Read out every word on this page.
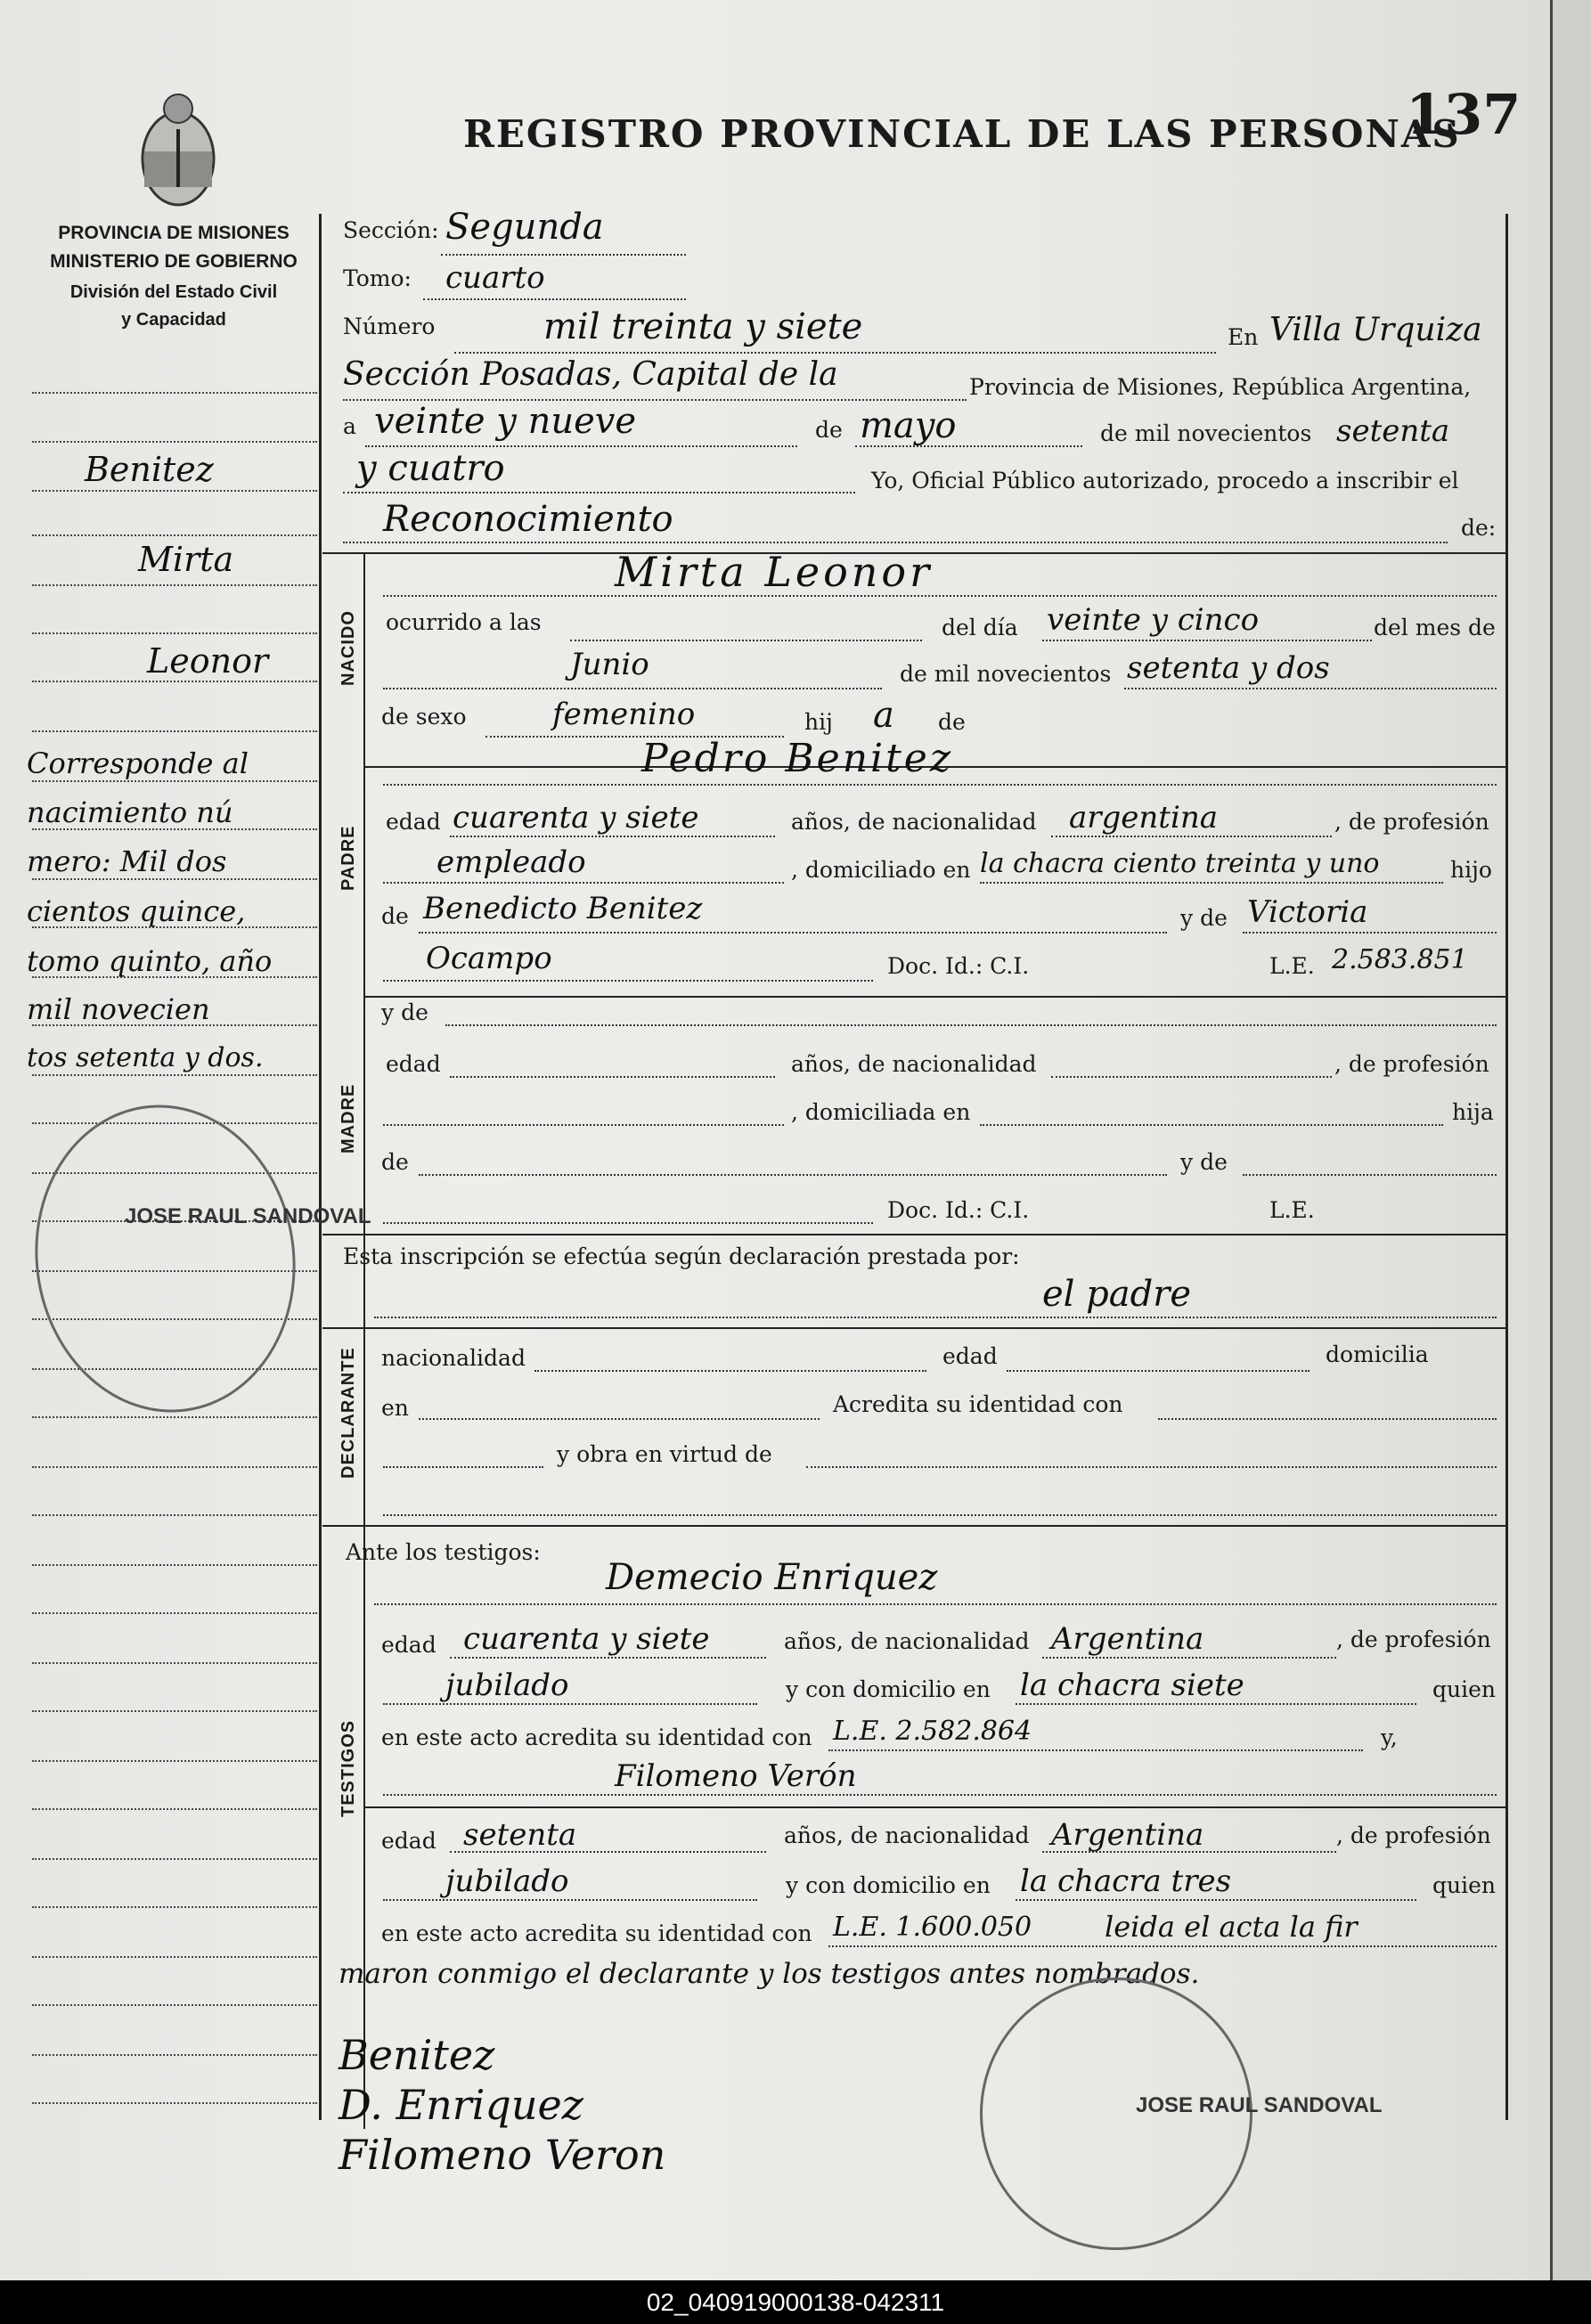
PROVINCIA DE MISIONES
MINISTERIO DE GOBIERNO
División del Estado Civil
y Capacidad
REGISTRO PROVINCIAL DE LAS PERSONAS
137
Benitez
Mirta
Leonor
Corresponde al
nacimiento nú
mero: Mil dos
cientos quince,
tomo quinto, año
mil novecien
tos setenta y dos.
Sección: Segunda
Tomo: cuarto
Número	mil treinta y siete	En Villa Urquiza
Sección Posadas, Capital de la	Provincia de Misiones, República Argentina,
a veinte y nueve	de mayo	de mil novecientos setenta
y cuatro	Yo, Oficial Público autorizado, procedo a inscribir el
Reconocimiento	de:
NACIDO
Mirta Leonor
ocurrido a las	del día veinte y cinco	del mes de
Junio	de mil novecientos setenta y dos
de sexo	femenino	hij a de
PADRE
Pedro Benitez
edad cuarenta y siete	años, de nacionalidad argentina	, de profesión
empleado	, domiciliado en la chacra ciento treinta y uno	hijo
de Benedicto Benitez	y de Victoria
Ocampo	Doc. Id.: C.I.	L.E. 2.583.851
MADRE
y de
edad	años, de nacionalidad	, de profesión
, domiciliada en	hija
de	y de
Doc. Id.: C.I.	L.E.
Esta inscripción se efectúa según declaración prestada por:
el padre
DECLARANTE nacionalidad	edad	domicilia
en	Acredita su identidad con
y obra en virtud de
Ante los testigos:
TESTIGOS
Demecio Enriquez
edad cuarenta y siete	años, de nacionalidad Argentina	, de profesión
jubilado	y con domicilio en la chacra siete	quien
en este acto acredita su identidad con L.E. 2.582.864	y,
Filomeno Verón
edad setenta	años, de nacionalidad Argentina	, de profesión
jubilado	y con domicilio en la chacra tres	quien
en este acto acredita su identidad con L.E. 1.600.050	leida el acta la fir
maron conmigo el declarante y los testigos antes nombrados.
Benitez
D. Enriquez
Filomeno Veron
JOSE RAUL SANDOVAL
JOSE RAUL SANDOVAL
02_040919000138-042311
